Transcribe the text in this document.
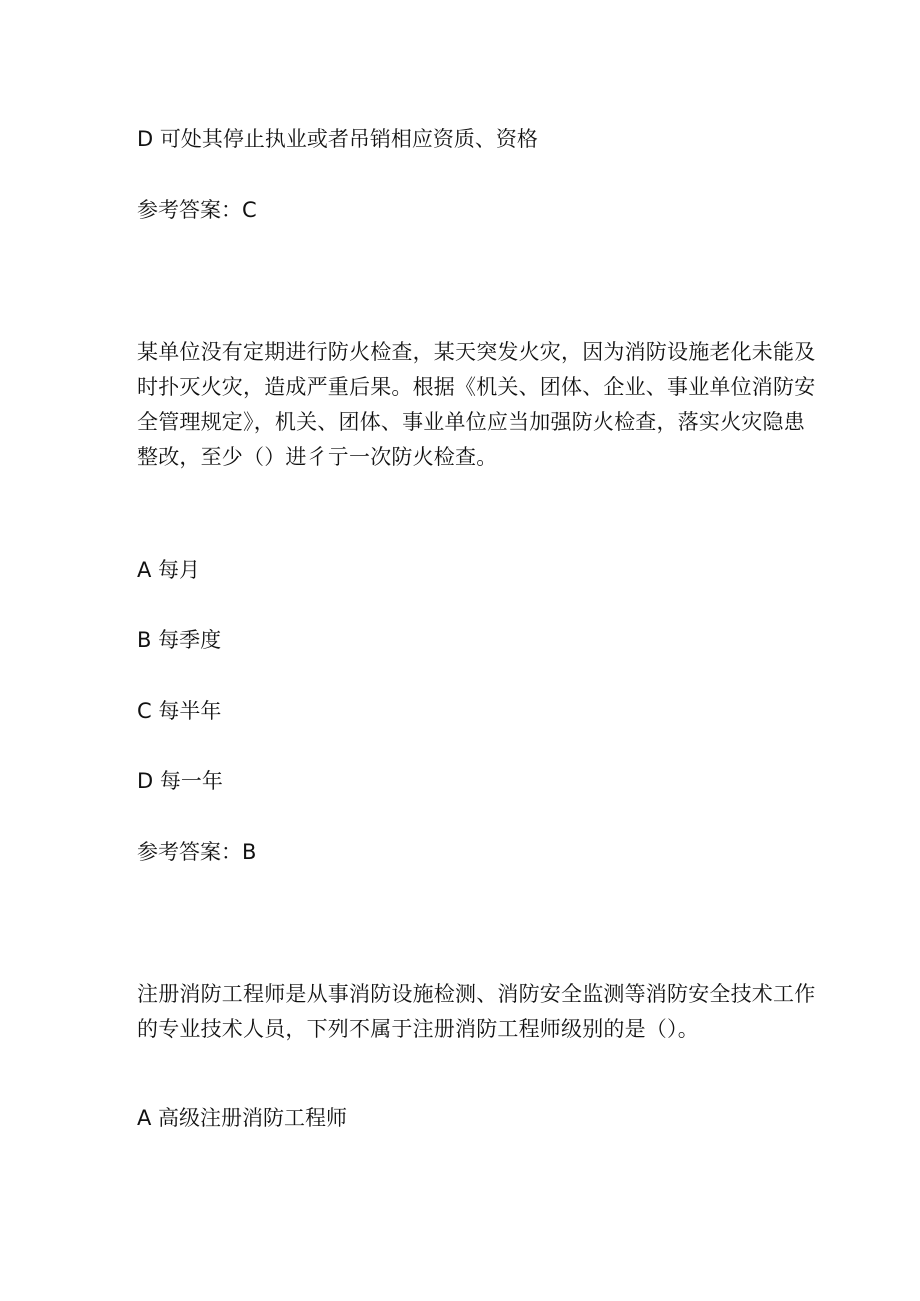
D 可处其停止执业或者吊销相应资质、资格
参考答案：C
某单位没有定期进行防火检查，某天突发火灾，因为消防设施老化未能及
时扑灭火灾，造成严重后果。根据《机关、团体、企业、事业单位消防安
全管理规定》，机关、团体、事业单位应当加强防火检查，落实火灾隐患
整改，至少（）进彳亍一次防火检查。
A 每月
B 每季度
C 每半年
D 每一年
参考答案：B
注册消防工程师是从事消防设施检测、消防安全监测等消防安全技术工作
的专业技术人员，下列不属于注册消防工程师级别的是（）。
A 高级注册消防工程师
